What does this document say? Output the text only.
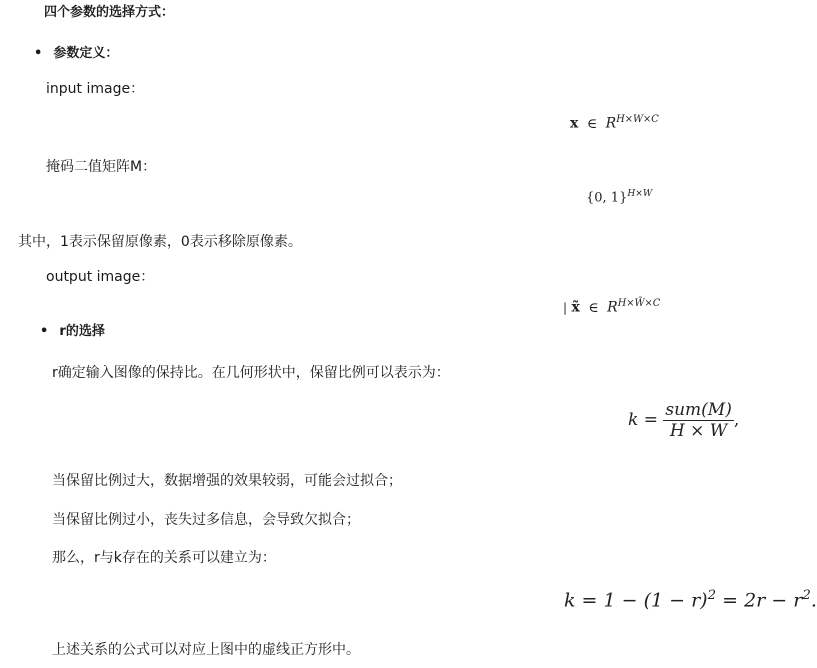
四个参数的选择方式：
• 参数定义：
input image：
x ∈ $R^{H\times W\times C}$
掩码二值矩阵M：
{0, 1}$^{H\times W}$
其中，1表示保留原像素，0表示移除原像素。
output image：
| x̃ ∈ $R^{H\times W̃\times C}$
• r的选择
r确定输入图像的保持比。在几何形状中，保留比例可以表示为：
$k = \frac{\text{sum(M)}}{H \times W}$ ,
当保留比例过大，数据增强的效果较弱，可能会过拟合；
当保留比例过小，丧失过多信息，会导致欠拟合；
那么，r与k存在的关系可以建立为：
$k = 1 - (1 - r)^2 = 2r - r^2$.
上述关系的公式可以对应上图中的虚线正方形中。
